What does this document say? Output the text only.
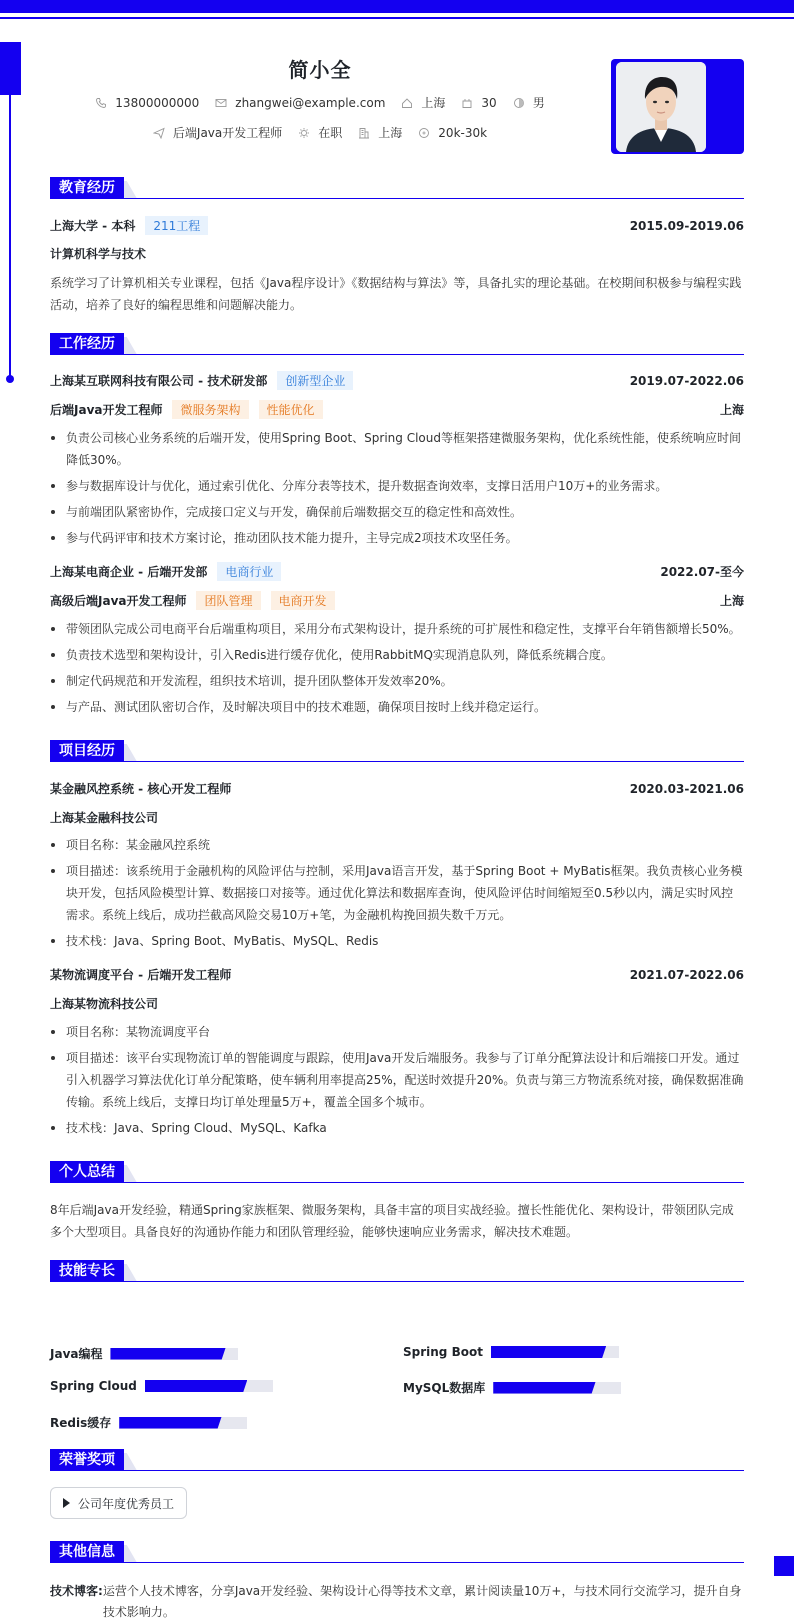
简小全
13800000000	zhangwei@example.com	上海	30	男
后端Java开发工程师	在职	上海	20k-30k
教育经历
上海大学 - 本科	211工程	2015.09-2019.06
计算机科学与技术
系统学习了计算机相关专业课程，包括《Java程序设计》《数据结构与算法》等，具备扎实的理论基础。在校期间积极参与编程实践活动，培养了良好的编程思维和问题解决能力。
工作经历
上海某互联网科技有限公司 - 技术研发部	创新型企业	2019.07-2022.06
后端Java开发工程师	微服务架构	性能优化	上海
负责公司核心业务系统的后端开发，使用Spring Boot、Spring Cloud等框架搭建微服务架构，优化系统性能，使系统响应时间降低30%。
参与数据库设计与优化，通过索引优化、分库分表等技术，提升数据查询效率，支撑日活用户10万+的业务需求。
与前端团队紧密协作，完成接口定义与开发，确保前后端数据交互的稳定性和高效性。
参与代码评审和技术方案讨论，推动团队技术能力提升，主导完成2项技术攻坚任务。
上海某电商企业 - 后端开发部	电商行业	2022.07-至今
高级后端Java开发工程师	团队管理	电商开发	上海
带领团队完成公司电商平台后端重构项目，采用分布式架构设计，提升系统的可扩展性和稳定性，支撑平台年销售额增长50%。
负责技术选型和架构设计，引入Redis进行缓存优化，使用RabbitMQ实现消息队列，降低系统耦合度。
制定代码规范和开发流程，组织技术培训，提升团队整体开发效率20%。
与产品、测试团队密切合作，及时解决项目中的技术难题，确保项目按时上线并稳定运行。
项目经历
某金融风控系统 - 核心开发工程师	2020.03-2021.06
上海某金融科技公司
项目名称：某金融风控系统
项目描述：该系统用于金融机构的风险评估与控制，采用Java语言开发，基于Spring Boot + MyBatis框架。我负责核心业务模块开发，包括风险模型计算、数据接口对接等。通过优化算法和数据库查询，使风险评估时间缩短至0.5秒以内，满足实时风控需求。系统上线后，成功拦截高风险交易10万+笔，为金融机构挽回损失数千万元。
技术栈：Java、Spring Boot、MyBatis、MySQL、Redis
某物流调度平台 - 后端开发工程师	2021.07-2022.06
上海某物流科技公司
项目名称：某物流调度平台
项目描述：该平台实现物流订单的智能调度与跟踪，使用Java开发后端服务。我参与了订单分配算法设计和后端接口开发。通过引入机器学习算法优化订单分配策略，使车辆利用率提高25%，配送时效提升20%。负责与第三方物流系统对接，确保数据准确传输。系统上线后，支撑日均订单处理量5万+，覆盖全国多个城市。
技术栈：Java、Spring Cloud、MySQL、Kafka
个人总结
8年后端Java开发经验，精通Spring家族框架、微服务架构，具备丰富的项目实战经验。擅长性能优化、架构设计，带领团队完成多个大型项目。具备良好的沟通协作能力和团队管理经验，能够快速响应业务需求，解决技术难题。
技能专长
Java编程	Spring Boot
Spring Cloud	MySQL数据库
Redis缓存
荣誉奖项
公司年度优秀员工
其他信息
技术博客: 运营个人技术博客，分享Java开发经验、架构设计心得等技术文章，累计阅读量10万+，与技术同行交流学习，提升自身技术影响力。
